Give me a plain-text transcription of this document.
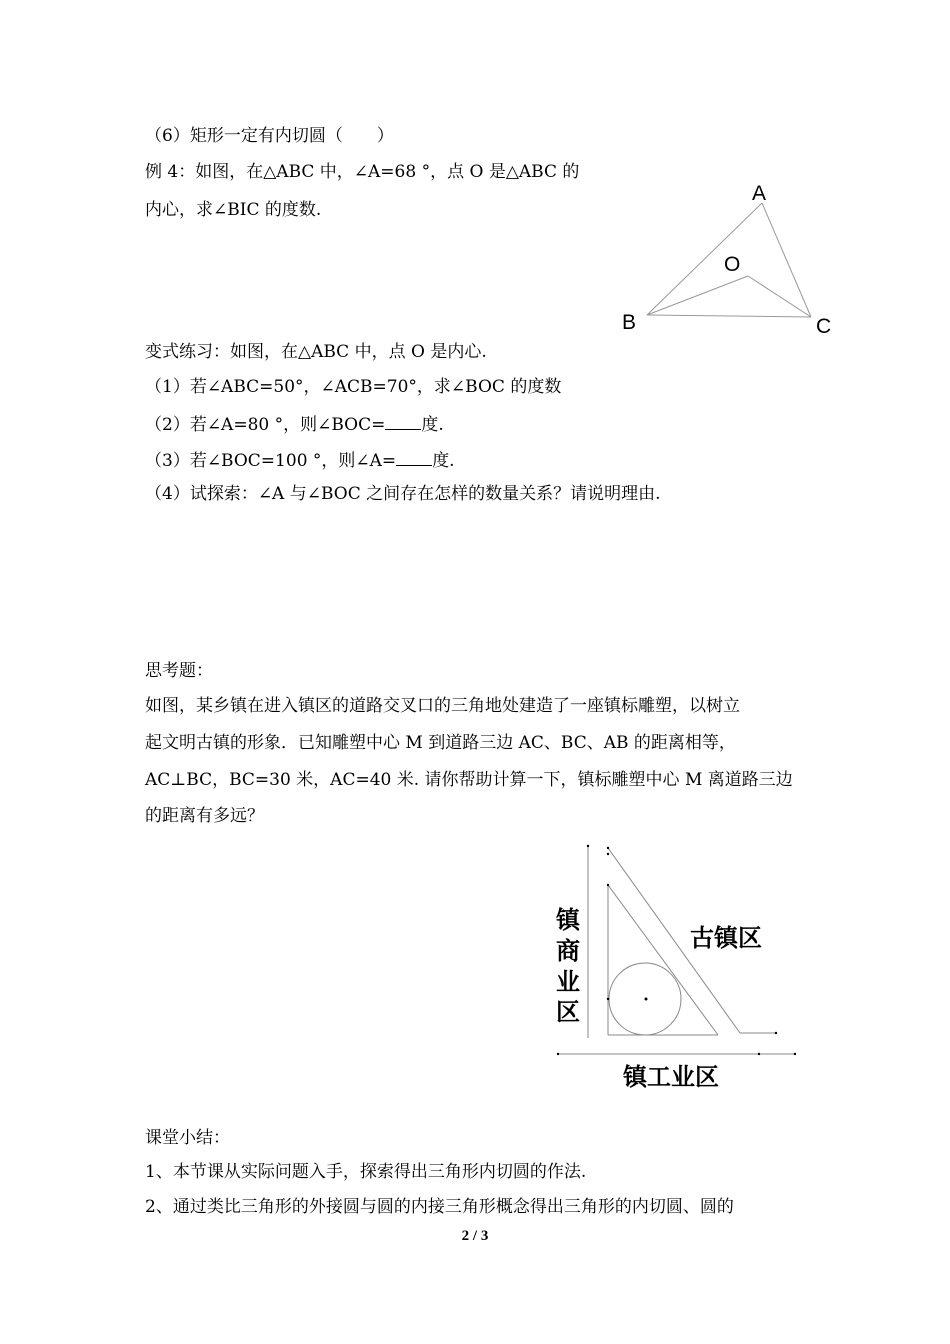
（6）矩形一定有内切圆（　　）
例 4：如图，在△ABC 中，∠A=68 °，点 O 是△ABC 的
内心，求∠BIC 的度数.
A
B	C
O
变式练习：如图，在△ABC 中，点 O 是内心.
（1）若∠ABC=50°，∠ACB=70°，求∠BOC 的度数
（2）若∠A=80 °，则∠BOC= 度.
（3）若∠BOC=100 °，则∠A= 度.
（4）试探索：∠A 与∠BOC 之间存在怎样的数量关系？请说明理由.
思考题：
如图，某乡镇在进入镇区的道路交叉口的三角地处建造了一座镇标雕塑，以树立
起文明古镇的形象．已知雕塑中心 M 到道路三边 AC、BC、AB 的距离相等，
AC⊥BC，BC=30 米，AC=40 米. 请你帮助计算一下，镇标雕塑中心 M 离道路三边
的距离有多远？
镇
商
业
区
古镇区
镇工业区
课堂小结：
1、本节课从实际问题入手，探索得出三角形内切圆的作法.
2、通过类比三角形的外接圆与圆的内接三角形概念得出三角形的内切圆、圆的
2 / 3
